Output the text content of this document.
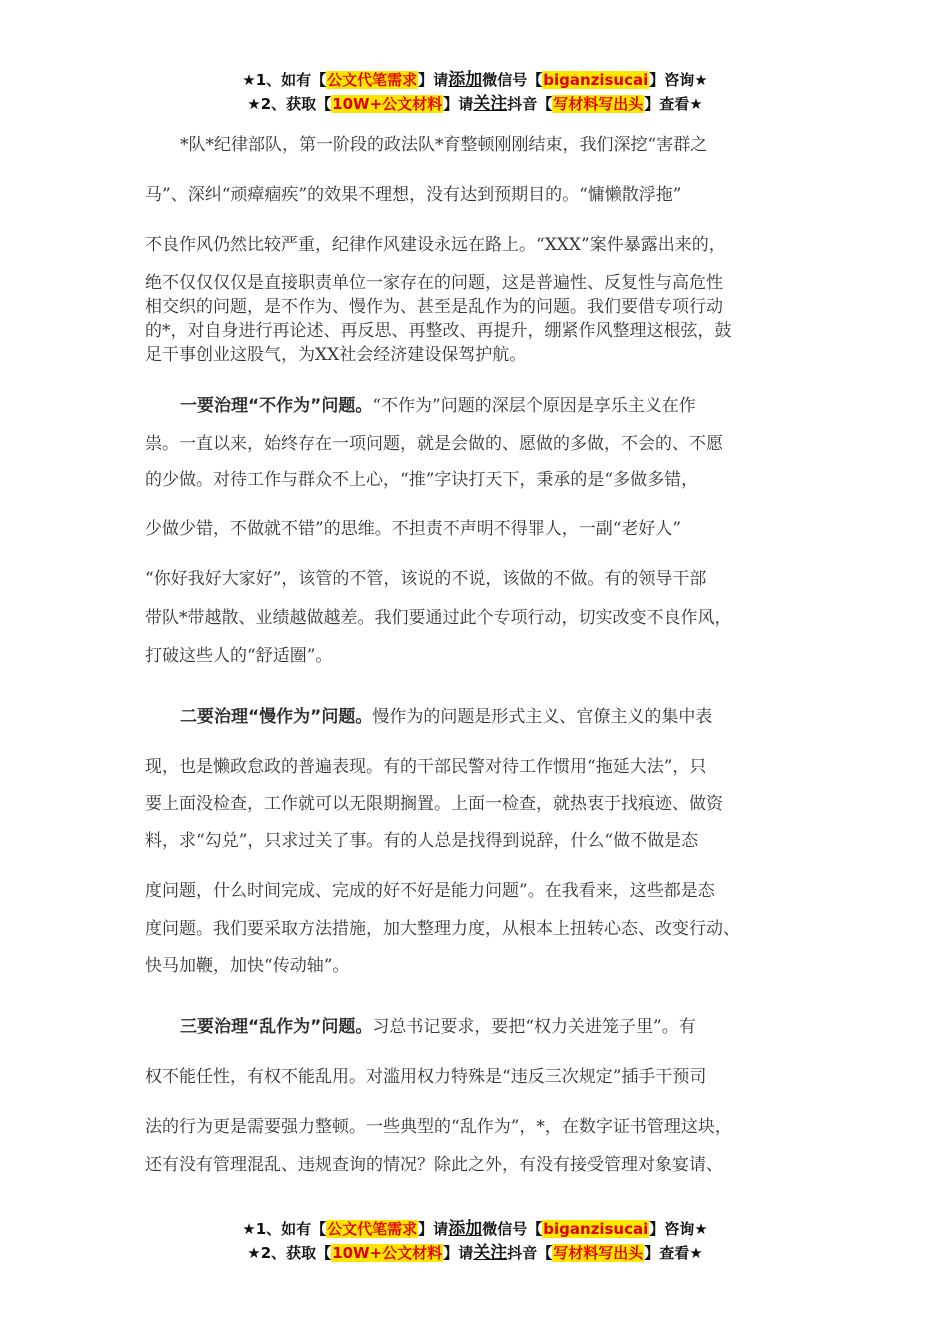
★1、如有【公文代笔需求】请添加微信号【biganzisucai】咨询★
★2、获取【10W+公文材料】请关注抖音【写材料写出头】查看★
*队*纪律部队，第一阶段的政法队*育整顿刚刚结束，我们深挖“害群之
马”、深纠“顽瘴痼疾”的效果不理想，没有达到预期目的。“慵懒散浮拖”
不良作风仍然比较严重，纪律作风建设永远在路上。“XXX”案件暴露出来的，
绝不仅仅仅仅是直接职责单位一家存在的问题，这是普遍性、反复性与高危性
相交织的问题，是不作为、慢作为、甚至是乱作为的问题。我们要借专项行动
的*，对自身进行再论述、再反思、再整改、再提升，绷紧作风整理这根弦，鼓
足干事创业这股气，为XX社会经济建设保驾护航。
一要治理“不作为”问题。“不作为”问题的深层个原因是享乐主义在作
祟。一直以来，始终存在一项问题，就是会做的、愿做的多做，不会的、不愿
的少做。对待工作与群众不上心，“推”字诀打天下，秉承的是“多做多错，
少做少错，不做就不错”的思维。不担责不声明不得罪人，一副“老好人”
“你好我好大家好”，该管的不管，该说的不说，该做的不做。有的领导干部
带队*带越散、业绩越做越差。我们要通过此个专项行动，切实改变不良作风，
打破这些人的“舒适圈”。
二要治理“慢作为”问题。慢作为的问题是形式主义、官僚主义的集中表
现，也是懒政怠政的普遍表现。有的干部民警对待工作惯用“拖延大法”，只
要上面没检查，工作就可以无限期搁置。上面一检查，就热衷于找痕迹、做资
料，求“勾兑”，只求过关了事。有的人总是找得到说辞，什么“做不做是态
度问题，什么时间完成、完成的好不好是能力问题”。在我看来，这些都是态
度问题。我们要采取方法措施，加大整理力度，从根本上扭转心态、改变行动、
快马加鞭，加快“传动轴”。
三要治理“乱作为”问题。习总书记要求，要把“权力关进笼子里”。有
权不能任性，有权不能乱用。对滥用权力特殊是“违反三次规定”插手干预司
法的行为更是需要强力整顿。一些典型的“乱作为”，*，在数字证书管理这块，
还有没有管理混乱、违规查询的情况？除此之外，有没有接受管理对象宴请、
★1、如有【公文代笔需求】请添加微信号【biganzisucai】咨询★
★2、获取【10W+公文材料】请关注抖音【写材料写出头】查看★
